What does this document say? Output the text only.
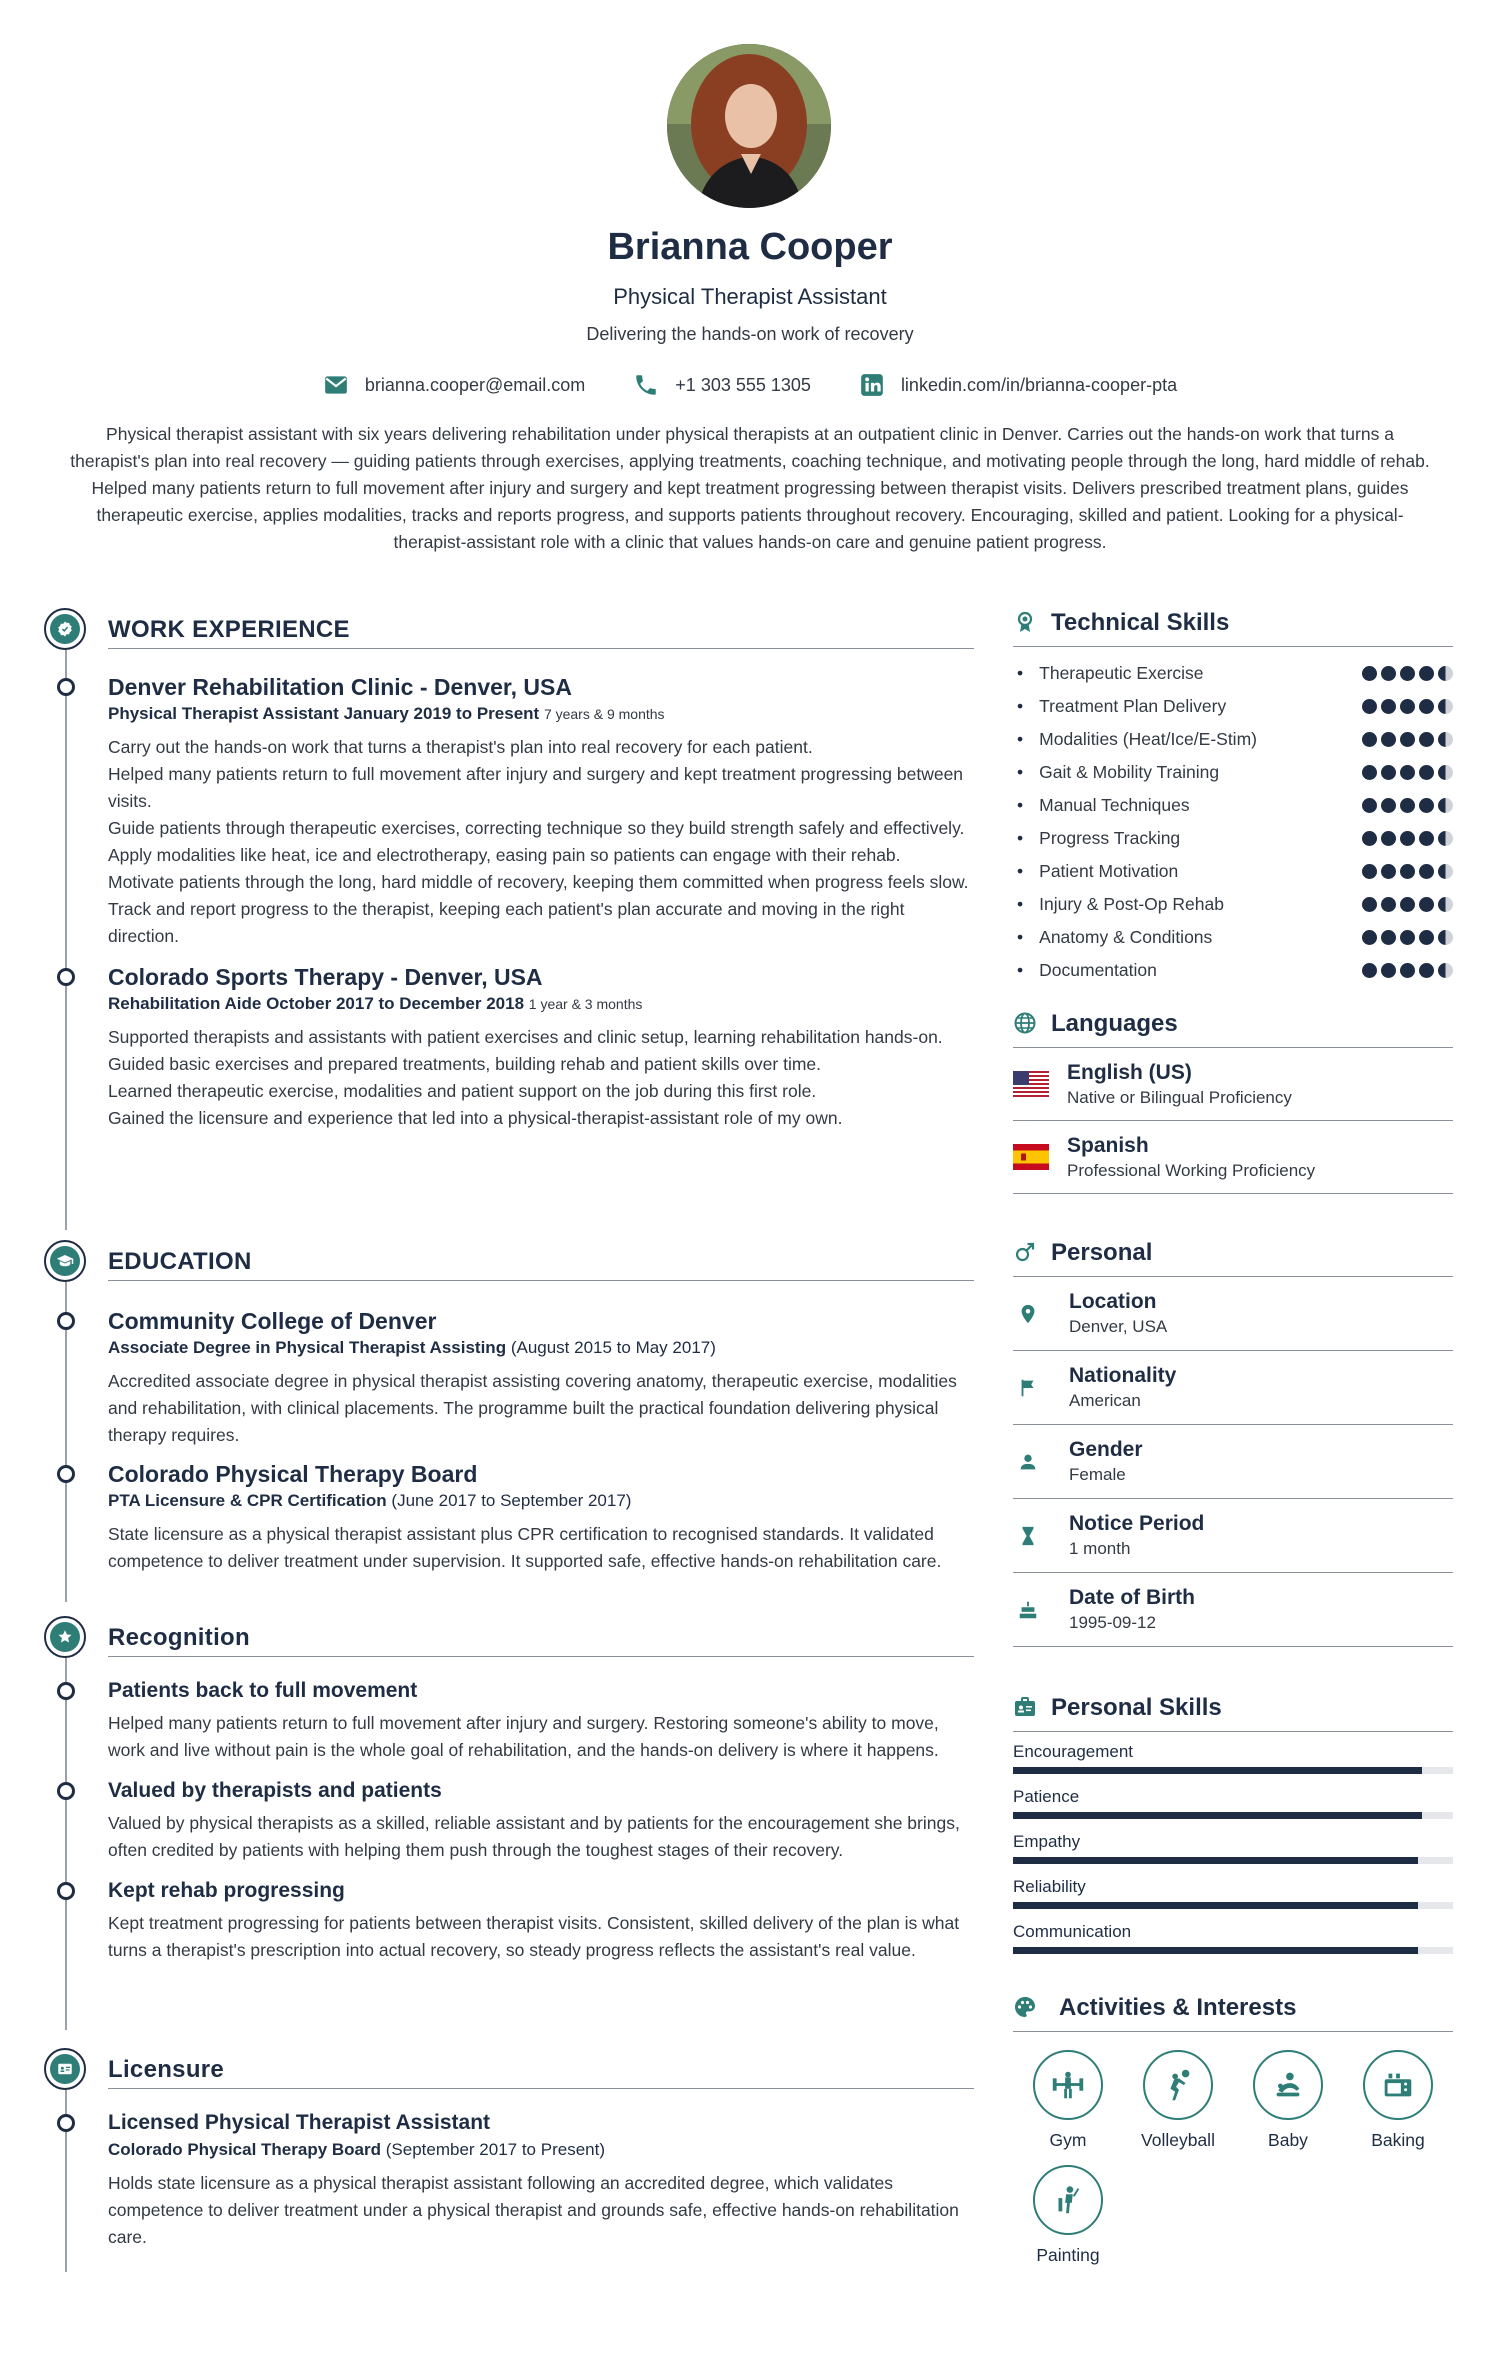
Brianna Cooper
Physical Therapist Assistant
Delivering the hands-on work of recovery
brianna.cooper@email.com	+1 303 555 1305	linkedin.com/in/brianna-cooper-pta
Physical therapist assistant with six years delivering rehabilitation under physical therapists at an outpatient clinic in Denver. Carries out the hands-on work that turns a therapist's plan into real recovery — guiding patients through exercises, applying treatments, coaching technique, and motivating people through the long, hard middle of rehab. Helped many patients return to full movement after injury and surgery and kept treatment progressing between therapist visits. Delivers prescribed treatment plans, guides therapeutic exercise, applies modalities, tracks and reports progress, and supports patients throughout recovery. Encouraging, skilled and patient. Looking for a physical-therapist-assistant role with a clinic that values hands-on care and genuine patient progress.
WORK EXPERIENCE
Denver Rehabilitation Clinic - Denver, USA
Physical Therapist Assistant January 2019 to Present 7 years & 9 months

Carry out the hands-on work that turns a therapist's plan into real recovery for each patient.

Helped many patients return to full movement after injury and surgery and kept treatment progressing between visits.

Guide patients through therapeutic exercises, correcting technique so they build strength safely and effectively.

Apply modalities like heat, ice and electrotherapy, easing pain so patients can engage with their rehab.

Motivate patients through the long, hard middle of recovery, keeping them committed when progress feels slow.

Track and report progress to the therapist, keeping each patient's plan accurate and moving in the right direction.

Colorado Sports Therapy - Denver, USA
Rehabilitation Aide October 2017 to December 2018 1 year & 3 months

Supported therapists and assistants with patient exercises and clinic setup, learning rehabilitation hands-on.

Guided basic exercises and prepared treatments, building rehab and patient skills over time.

Learned therapeutic exercise, modalities and patient support on the job during this first role.

Gained the licensure and experience that led into a physical-therapist-assistant role of my own.

EDUCATION
Community College of Denver
Associate Degree in Physical Therapist Assisting (August 2015 to May 2017)
Accredited associate degree in physical therapist assisting covering anatomy, therapeutic exercise, modalities and rehabilitation, with clinical placements. The programme built the practical foundation delivering physical therapy requires.
Colorado Physical Therapy Board
PTA Licensure & CPR Certification (June 2017 to September 2017)
State licensure as a physical therapist assistant plus CPR certification to recognised standards. It validated competence to deliver treatment under supervision. It supported safe, effective hands-on rehabilitation care.
Recognition
Patients back to full movement
Helped many patients return to full movement after injury and surgery. Restoring someone's ability to move, work and live without pain is the whole goal of rehabilitation, and the hands-on delivery is where it happens.
Valued by therapists and patients
Valued by physical therapists as a skilled, reliable assistant and by patients for the encouragement she brings, often credited by patients with helping them push through the toughest stages of their recovery.
Kept rehab progressing
Kept treatment progressing for patients between therapist visits. Consistent, skilled delivery of the plan is what turns a therapist's prescription into actual recovery, so steady progress reflects the assistant's real value.
Licensure
Licensed Physical Therapist Assistant
Colorado Physical Therapy Board (September 2017 to Present)
Holds state licensure as a physical therapist assistant following an accredited degree, which validates competence to deliver treatment under a physical therapist and grounds safe, effective hands-on rehabilitation care.
Technical Skills
• Therapeutic Exercise
• Treatment Plan Delivery
• Modalities (Heat/Ice/E-Stim)
• Gait & Mobility Training
• Manual Techniques
• Progress Tracking
• Patient Motivation
• Injury & Post-Op Rehab
• Anatomy & Conditions
• Documentation
Languages
English (US)
Native or Bilingual Proficiency
Spanish
Professional Working Proficiency
Personal
Location
Denver, USA
Nationality
American
Gender
Female
Notice Period
1 month
Date of Birth
1995-09-12
Personal Skills
Encouragement
Patience
Empathy
Reliability
Communication
Activities & Interests
Gym	Volleyball	Baby	Baking
Painting
